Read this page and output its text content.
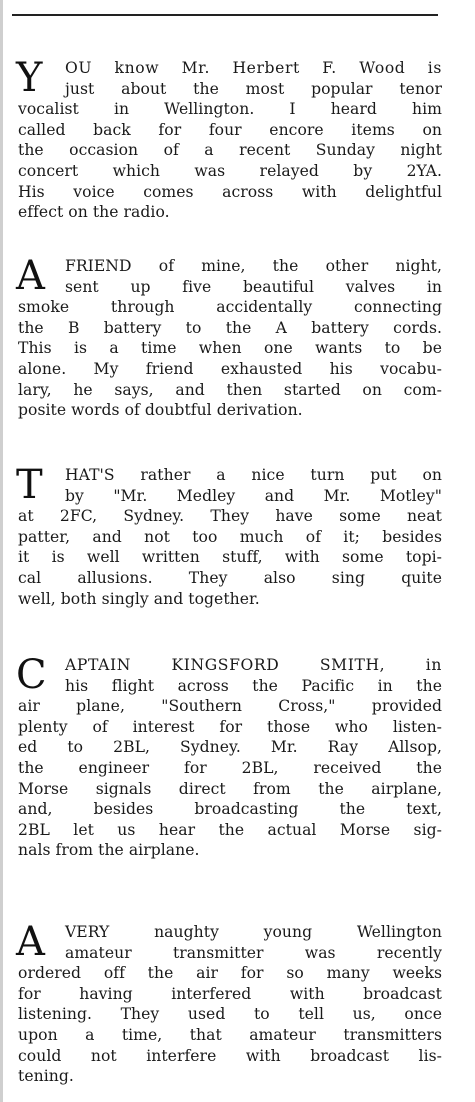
Y	OU know Mr. Herbert F. Wood is
just about the most popular tenor
vocalist in Wellington. I heard him
called back for four encore items on
the occasion of a recent Sunday night
concert which was relayed by 2YA.
His voice comes across with delightful
effect on the radio.
A	FRIEND of mine, the other night,
sent up five beautiful valves in
smoke through accidentally connecting
the B battery to the A battery cords.
This is a time when one wants to be
alone. My friend exhausted his vocabu-
lary, he says, and then started on com-
posite words of doubtful derivation.
T	HAT'S rather a nice turn put on
by "Mr. Medley and Mr. Motley"
at 2FC, Sydney. They have some neat
patter, and not too much of it; besides
it is well written stuff, with some topi-
cal allusions. They also sing quite
well, both singly and together.
C	APTAIN KINGSFORD SMITH, in
his flight across the Pacific in the
air plane, "Southern Cross," provided
plenty of interest for those who listen-
ed to 2BL, Sydney. Mr. Ray Allsop,
the engineer for 2BL, received the
Morse signals direct from the airplane,
and, besides broadcasting the text,
2BL let us hear the actual Morse sig-
nals from the airplane.
A	VERY naughty young Wellington
amateur transmitter was recently
ordered off the air for so many weeks
for having interfered with broadcast
listening. They used to tell us, once
upon a time, that amateur transmitters
could not interfere with broadcast lis-
tening.
